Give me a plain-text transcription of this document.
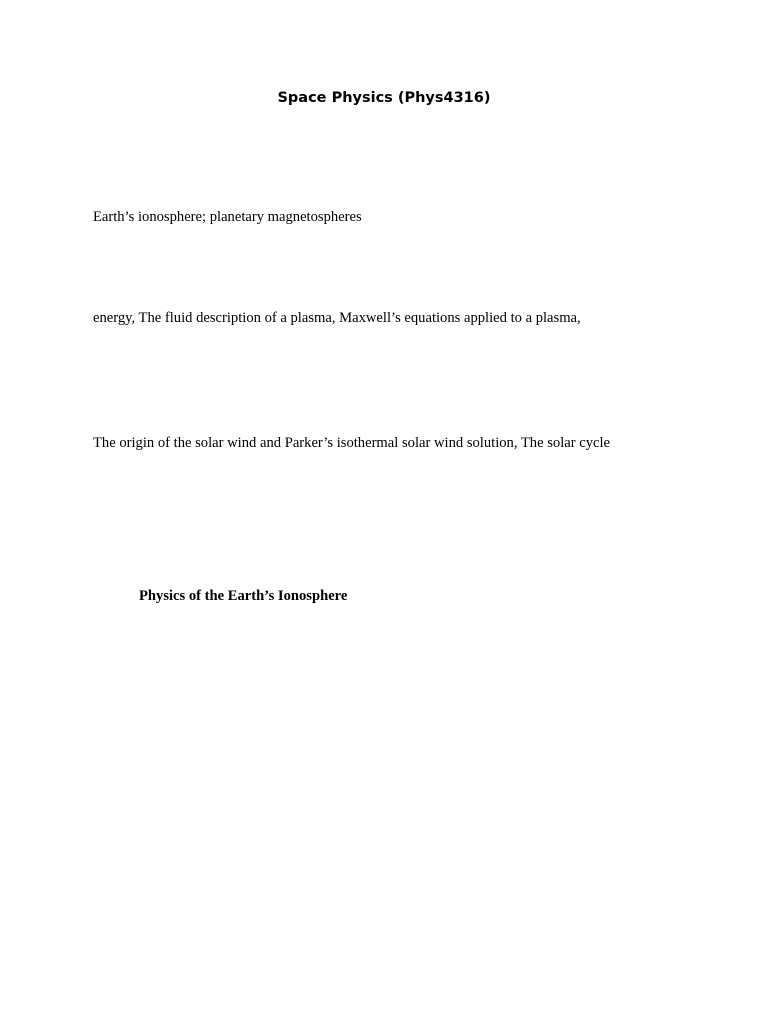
Space Physics (Phys4316)
Earth’s ionosphere; planetary magnetospheres
energy, The fluid description of a plasma, Maxwell’s equations applied to a plasma,
The origin of the solar wind and Parker’s isothermal solar wind solution, The solar cycle
Physics of the Earth’s Ionosphere
